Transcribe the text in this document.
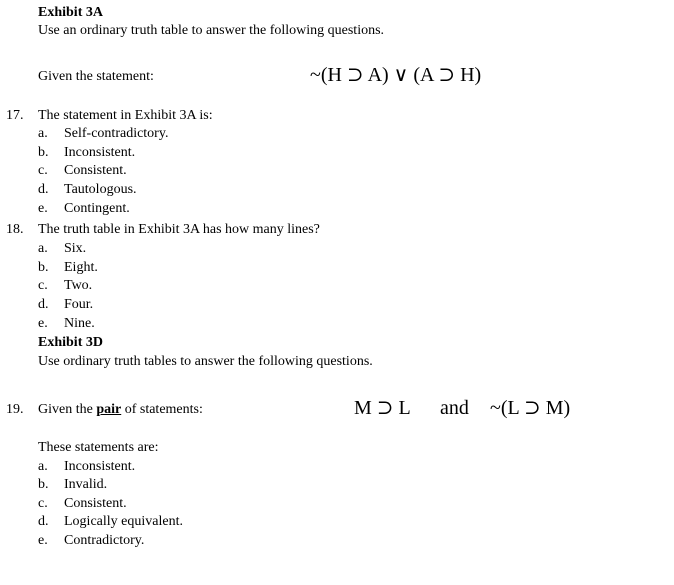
Exhibit 3A
Use an ordinary truth table to answer the following questions.
Given the statement:	~(H ⊃ A) ∨ (A ⊃ H)
17. The statement in Exhibit 3A is:
a. Self-contradictory.
b. Inconsistent.
c. Consistent.
d. Tautologous.
e. Contingent.
18. The truth table in Exhibit 3A has how many lines?
a. Six.
b. Eight.
c. Two.
d. Four.
e. Nine.
Exhibit 3D
Use ordinary truth tables to answer the following questions.
19. Given the pair of statements:	M ⊃ L and ~(L ⊃ M)
These statements are:
a. Inconsistent.
b. Invalid.
c. Consistent.
d. Logically equivalent.
e. Contradictory.
